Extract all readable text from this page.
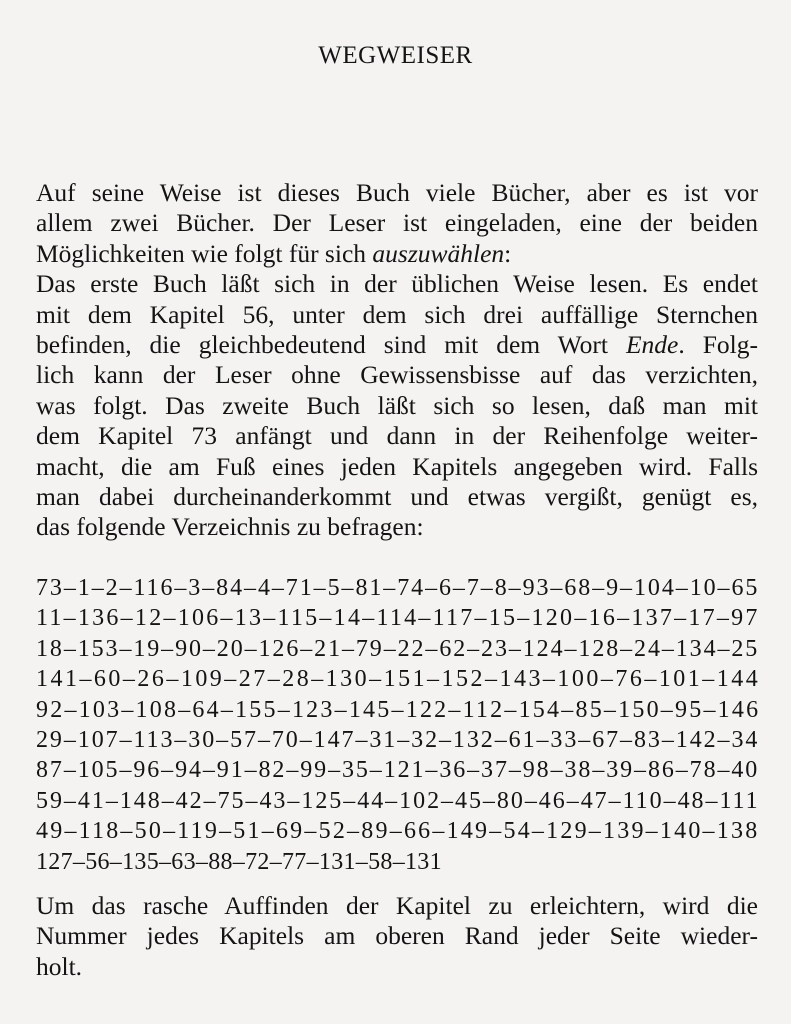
WEGWEISER
Auf seine Weise ist dieses Buch viele Bücher, aber es ist vor
allem zwei Bücher. Der Leser ist eingeladen, eine der beiden
Möglichkeiten wie folgt für sich auszuwählen:
Das erste Buch läßt sich in der üblichen Weise lesen. Es endet
mit dem Kapitel 56, unter dem sich drei auffällige Sternchen
befinden, die gleichbedeutend sind mit dem Wort Ende. Folg-
lich kann der Leser ohne Gewissensbisse auf das verzichten,
was folgt. Das zweite Buch läßt sich so lesen, daß man mit
dem Kapitel 73 anfängt und dann in der Reihenfolge weiter-
macht, die am Fuß eines jeden Kapitels angegeben wird. Falls
man dabei durcheinanderkommt und etwas vergißt, genügt es,
das folgende Verzeichnis zu befragen:
73–1–2–116–3–84–4–71–5–81–74–6–7–8–93–68–9–104–10–65
11–136–12–106–13–115–14–114–117–15–120–16–137–17–97
18–153–19–90–20–126–21–79–22–62–23–124–128–24–134–25
141–60–26–109–27–28–130–151–152–143–100–76–101–144
92–103–108–64–155–123–145–122–112–154–85–150–95–146
29–107–113–30–57–70–147–31–32–132–61–33–67–83–142–34
87–105–96–94–91–82–99–35–121–36–37–98–38–39–86–78–40
59–41–148–42–75–43–125–44–102–45–80–46–47–110–48–111
49–118–50–119–51–69–52–89–66–149–54–129–139–140–138
127–56–135–63–88–72–77–131–58–131
Um das rasche Auffinden der Kapitel zu erleichtern, wird die
Nummer jedes Kapitels am oberen Rand jeder Seite wieder-
holt.
